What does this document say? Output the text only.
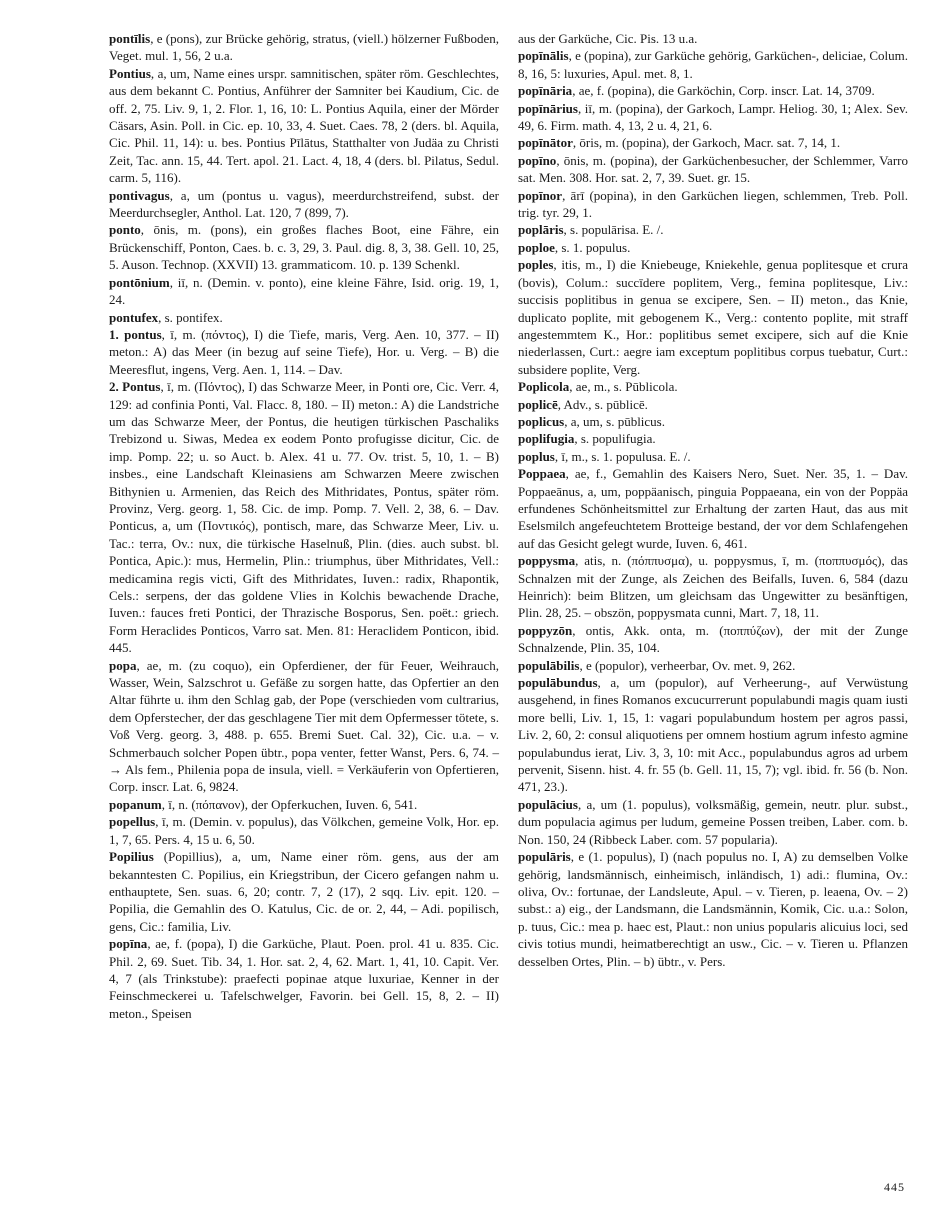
pontīlis, e (pons), zur Brücke gehörig, stratus, (viell.) hölzerner Fußboden, Veget. mul. 1, 56, 2 u.a.

Pontius, a, um, Name eines urspr. samnitischen, später röm. Geschlechtes, aus dem bekannt C. Pontius, Anführer der Samniter bei Kaudium, Cic. de off. 2, 75. Liv. 9, 1, 2. Flor. 1, 16, 10: L. Pontius Aquila, einer der Mörder Cäsars, Asin. Poll. in Cic. ep. 10, 33, 4. Suet. Caes. 78, 2 (ders. bl. Aquila, Cic. Phil. 11, 14): u. bes. Pontius Pīlātus, Statthalter von Judäa zu Christi Zeit, Tac. ann. 15, 44. Tert. apol. 21. Lact. 4, 18, 4 (ders. bl. Pilatus, Sedul. carm. 5, 116).

pontivagus, a, um (pontus u. vagus), meerdurchstreifend, subst. der Meerdurchsegler, Anthol. Lat. 120, 7 (899, 7).

ponto, ōnis, m. (pons), ein großes flaches Boot, eine Fähre, ein Brückenschiff, Ponton, Caes. b. c. 3, 29, 3. Paul. dig. 8, 3, 38. Gell. 10, 25, 5. Auson. Technop. (XXVII) 13. grammaticom. 10. p. 139 Schenkl.

pontōnium, iī, n. (Demin. v. ponto), eine kleine Fähre, Isid. orig. 19, 1, 24.

pontufex, s. pontifex.

1. pontus, ī, m. (πόντος), I) die Tiefe, maris, Verg. Aen. 10, 377. – II) meton.: A) das Meer (in bezug auf seine Tiefe), Hor. u. Verg. – B) die Meeresflut, ingens, Verg. Aen. 1, 114. – Dav.

2. Pontus, ī, m. (Πόντος), I) das Schwarze Meer, in Ponti ore, Cic. Verr. 4, 129: ad confinia Ponti, Val. Flacc. 8, 180. – II) meton.: A) die Landstriche um das Schwarze Meer, der Pontus, die heutigen türkischen Paschaliks Trebizond u. Siwas, Medea ex eodem Ponto profugisse dicitur, Cic. de imp. Pomp. 22; u. so Auct. b. Alex. 41 u. 77. Ov. trist. 5, 10, 1. – B) insbes., eine Landschaft Kleinasiens am Schwarzen Meere zwischen Bithynien u. Armenien, das Reich des Mithridates, Pontus, später röm. Provinz, Verg. georg. 1, 58. Cic. de imp. Pomp. 7. Vell. 2, 38, 6. – Dav. Ponticus, a, um (Ποντικός), pontisch, mare, das Schwarze Meer, Liv. u. Tac.: terra, Ov.: nux, die türkische Haselnuß, Plin. (dies. auch subst. bl. Pontica, Apic.): mus, Hermelin, Plin.: triumphus, über Mithridates, Vell.: medicamina regis victi, Gift des Mithridates, Iuven.: radix, Rhapontik, Cels.: serpens, der das goldene Vlies in Kolchis bewachende Drache, Iuven.: fauces freti Pontici, der Thrazische Bosporus, Sen. poët.: griech. Form Heraclides Ponticos, Varro sat. Men. 81: Heraclidem Ponticon, ibid. 445.

popa, ae, m. (zu coquo), ein Opferdiener, der für Feuer, Weihrauch, Wasser, Wein, Salzschrot u. Gefäße zu sorgen hatte, das Opfertier an den Altar führte u. ihm den Schlag gab, der Pope (verschieden vom cultrarius, dem Opferstecher, der das geschlagene Tier mit dem Opfermesser tötete, s. Voß Verg. georg. 3, 488. p. 655. Bremi Suet. Cal. 32), Cic. u.a. – v. Schmerbauch solcher Popen übtr., popa venter, fetter Wanst, Pers. 6, 74. – → Als fem., Philenia popa de insula, viell. = Verkäuferin von Opfertieren, Corp. inscr. Lat. 6, 9824.

popanum, ī, n. (πόπανον), der Opferkuchen, Iuven. 6, 541.

popellus, ī, m. (Demin. v. populus), das Völkchen, gemeine Volk, Hor. ep. 1, 7, 65. Pers. 4, 15 u. 6, 50.

Popilius (Popillius), a, um, Name einer röm. gens, aus der am bekanntesten C. Popilius, ein Kriegstribun, der Cicero gefangen nahm u. enthauptete, Sen. suas. 6, 20; contr. 7, 2 (17), 2 sqq. Liv. epit. 120. – Popilia, die Gemahlin des O. Katulus, Cic. de or. 2, 44, – Adi. popilisch, gens, Cic.: familia, Liv.

popīna, ae, f. (popa), I) die Garküche, Plaut. Poen. prol. 41 u. 835. Cic. Phil. 2, 69. Suet. Tib. 34, 1. Hor. sat. 2, 4, 62. Mart. 1, 41, 10. Capit. Ver. 4, 7 (als Trinkstube): praefecti popinae atque luxuriae, Kenner in der Feinschmeckerei u. Tafelschwelger, Favorin. bei Gell. 15, 8, 2. – II) meton., Speisen

aus der Garküche, Cic. Pis. 13 u.a.

popīnālis, e (popina), zur Garküche gehörig, Garküchen-, deliciae, Colum. 8, 16, 5: luxuries, Apul. met. 8, 1.

popīnāria, ae, f. (popina), die Garköchin, Corp. inscr. Lat. 14, 3709.

popīnārius, iī, m. (popina), der Garkoch, Lampr. Heliog. 30, 1; Alex. Sev. 49, 6. Firm. math. 4, 13, 2 u. 4, 21, 6.

popīnātor, ōris, m. (popina), der Garkoch, Macr. sat. 7, 14, 1.

popīno, ōnis, m. (popina), der Garküchenbesucher, der Schlemmer, Varro sat. Men. 308. Hor. sat. 2, 7, 39. Suet. gr. 15.

popīnor, ārī (popina), in den Garküchen liegen, schlemmen, Treb. Poll. trig. tyr. 29, 1.

poplāris, s. populārisa. E. /.

poploe, s. 1. populus.

poples, itis, m., I) die Kniebeuge, Kniekehle, genua poplitesque et crura (bovis), Colum.: succīdere poplitem, Verg., femina poplitesque, Liv.: succisis poplitibus in genua se excipere, Sen. – II) meton., das Knie, duplicato poplite, mit gebogenem K., Verg.: contento poplite, mit straff angestemmtem K., Hor.: poplitibus semet excipere, sich auf die Knie niederlassen, Curt.: aegre iam exceptum poplitibus corpus tuebatur, Curt.: subsidere poplite, Verg.

Poplicola, ae, m., s. Pūblicola.

poplicē, Adv., s. pūblicē.

poplicus, a, um, s. pūblicus.

poplifugia, s. populifugia.

poplus, ī, m., s. 1. populusa. E. /.

Poppaea, ae, f., Gemahlin des Kaisers Nero, Suet. Ner. 35, 1. – Dav. Poppaeānus, a, um, poppäanisch, pinguia Poppaeana, ein von der Poppäa erfundenes Schönheitsmittel zur Erhaltung der zarten Haut, das aus mit Eselsmilch angefeuchtetem Brotteige bestand, der vor dem Schlafengehen auf das Gesicht gelegt wurde, Iuven. 6, 461.

poppysma, atis, n. (πόππυσμα), u. poppysmus, ī, m. (ποππυσμός), das Schnalzen mit der Zunge, als Zeichen des Beifalls, Iuven. 6, 584 (dazu Heinrich): beim Blitzen, um gleichsam das Ungewitter zu besänftigen, Plin. 28, 25. – obszön, poppysmata cunni, Mart. 7, 18, 11.

poppyzōn, ontis, Akk. onta, m. (ποππύζων), der mit der Zunge Schnalzende, Plin. 35, 104.

populābilis, e (populor), verheerbar, Ov. met. 9, 262.

populābundus, a, um (populor), auf Verheerung-, auf Verwüstung ausgehend, in fines Romanos excucurrerunt populabundi magis quam iusti more belli, Liv. 1, 15, 1: vagari populabundum hostem per agros passi, Liv. 2, 60, 2: consul aliquotiens per omnem hostium agrum infesto agmine populabundus ierat, Liv. 3, 3, 10: mit Acc., populabundus agros ad urbem pervenit, Sisenn. hist. 4. fr. 55 (b. Gell. 11, 15, 7); vgl. ibid. fr. 56 (b. Non. 471, 23.).

populācius, a, um (1. populus), volksmäßig, gemein, neutr. plur. subst., dum populacia agimus per ludum, gemeine Possen treiben, Laber. com. b. Non. 150, 24 (Ribbeck Laber. com. 57 popularia).

populāris, e (1. populus), I) (nach populus no. I, A) zu demselben Volke gehörig, landsmännisch, einheimisch, inländisch, 1) adi.: flumina, Ov.: oliva, Ov.: fortunae, der Landsleute, Apul. – v. Tieren, p. leaena, Ov. – 2) subst.: a) eig., der Landsmann, die Landsmännin, Komik, Cic. u.a.: Solon, p. tuus, Cic.: mea p. haec est, Plaut.: non unius popularis alicuius loci, sed civis totius mundi, heimatberechtigt an usw., Cic. – v. Tieren u. Pflanzen desselben Ortes, Plin. – b) übtr., v. Pers.

445
